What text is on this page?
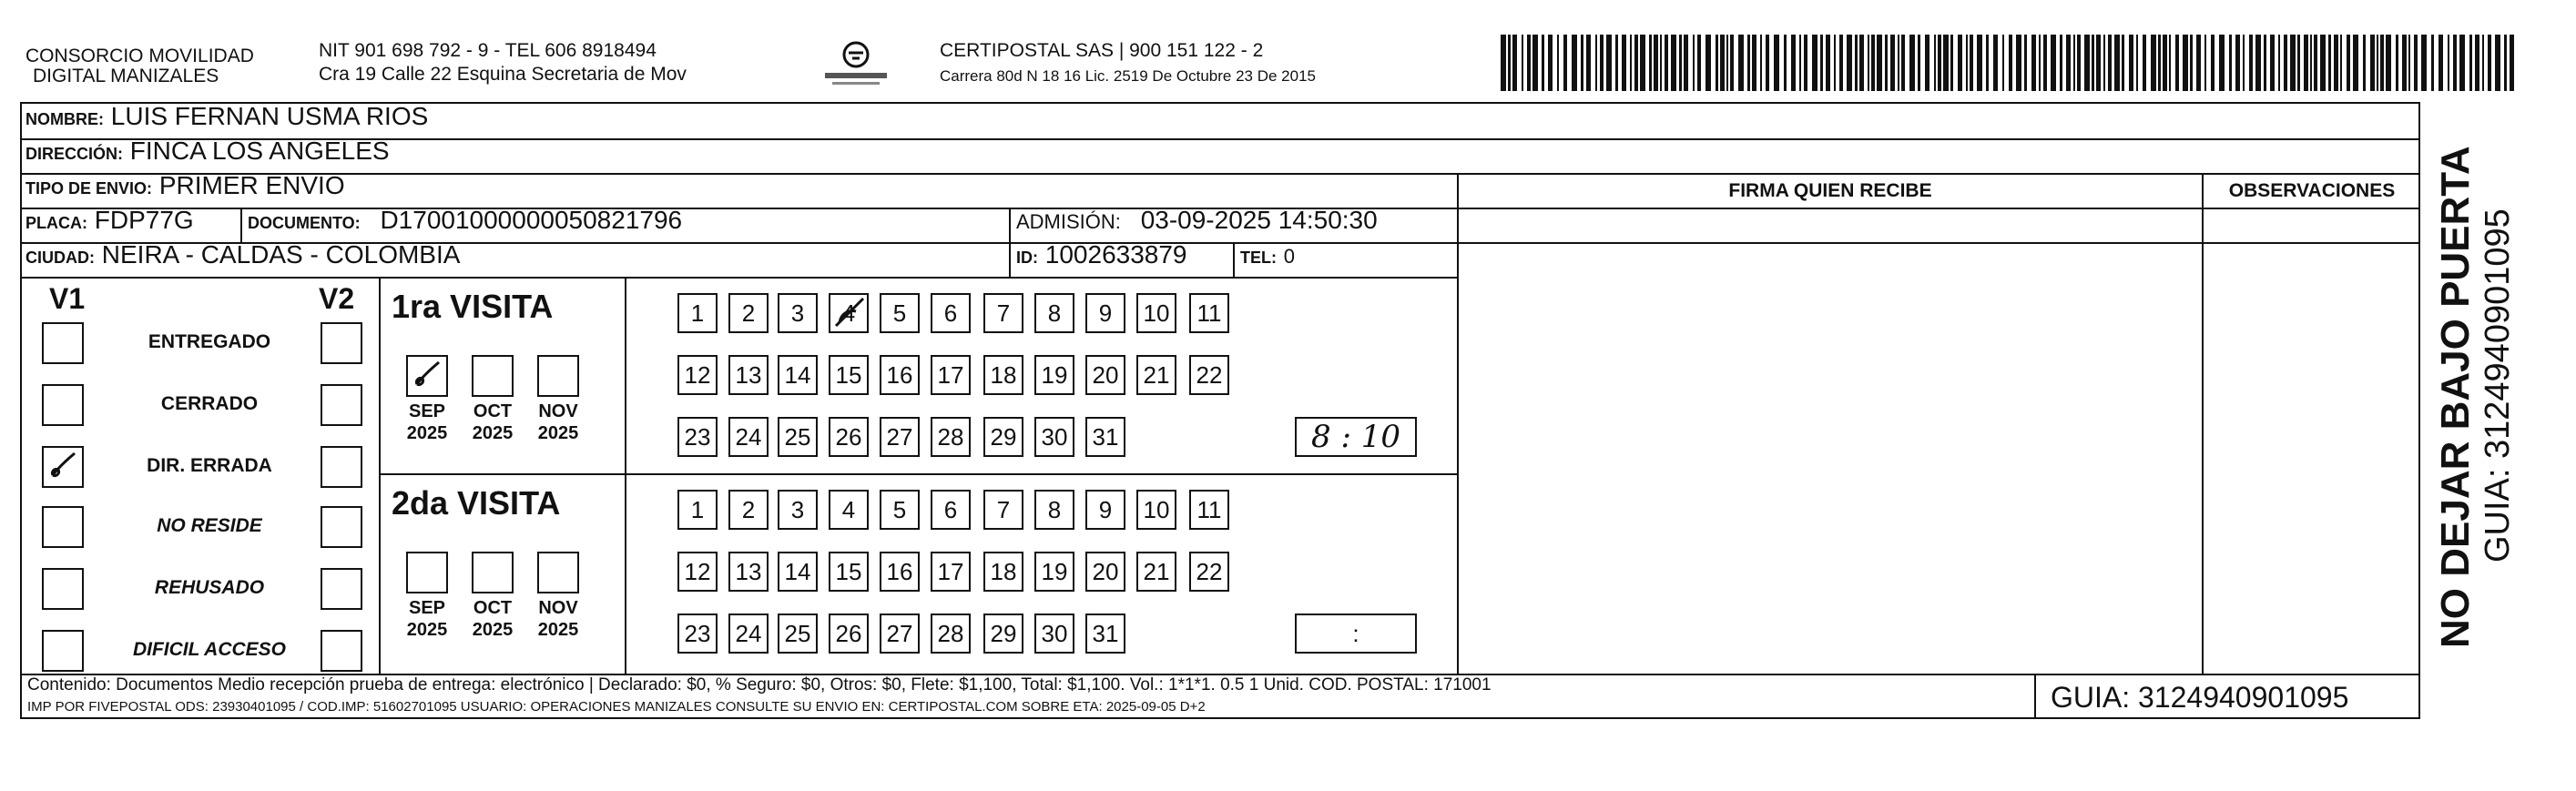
CONSORCIO MOVILIDAD
DIGITAL MANIZALES
NIT 901 698 792 - 9 - TEL 606 8918494
Cra 19 Calle 22 Esquina Secretaria de Mov
CERTIPOSTAL SAS | 900 151 122 - 2
Carrera 80d N 18 16 Lic. 2519 De Octubre 23 De 2015
NOMBRE: LUIS FERNAN USMA RIOS
DIRECCIÓN: FINCA LOS ANGELES
TIPO DE ENVIO: PRIMER ENVIO
PLACA: FDP77G	DOCUMENTO: D17001000000050821796	ADMISIÓN: 03-09-2025 14:50:30
CIUDAD: NEIRA - CALDAS - COLOMBIA	ID: 1002633879	TEL: 0
FIRMA QUIEN RECIBE	OBSERVACIONES
V1	V2
ENTREGADO
CERRADO
DIR. ERRADA
NO RESIDE
REHUSADO
DIFICIL ACCESO
1ra VISITA
SEP
2025
OCT
2025
NOV
2025
1	2	3	4	5	6	7	8	9	10	11
12 13 14 15 16 17 18 19 20 21 22
23 24 25 26 27 28 29 30 31	8 : 10
2da VISITA
SEP
2025
OCT
2025
NOV
2025
1	2	3	4	5	6	7	8	9	10	11
12 13 14 15 16 17 18 19 20 21 22
23 24 25 26 27 28 29 30 31	:
Contenido: Documentos Medio recepción prueba de entrega: electrónico | Declarado: $0, % Seguro: $0, Otros: $0, Flete: $1,100, Total: $1,100. Vol.: 1*1*1. 0.5 1 Unid. COD. POSTAL: 171001
IMP POR FIVEPOSTAL ODS: 23930401095 / COD.IMP: 51602701095 USUARIO: OPERACIONES MANIZALES CONSULTE SU ENVIO EN: CERTIPOSTAL.COM SOBRE ETA: 2025-09-05 D+2	GUIA: 3124940901095
NO DEJAR BAJO PUERTA GUIA: 3124940901095
